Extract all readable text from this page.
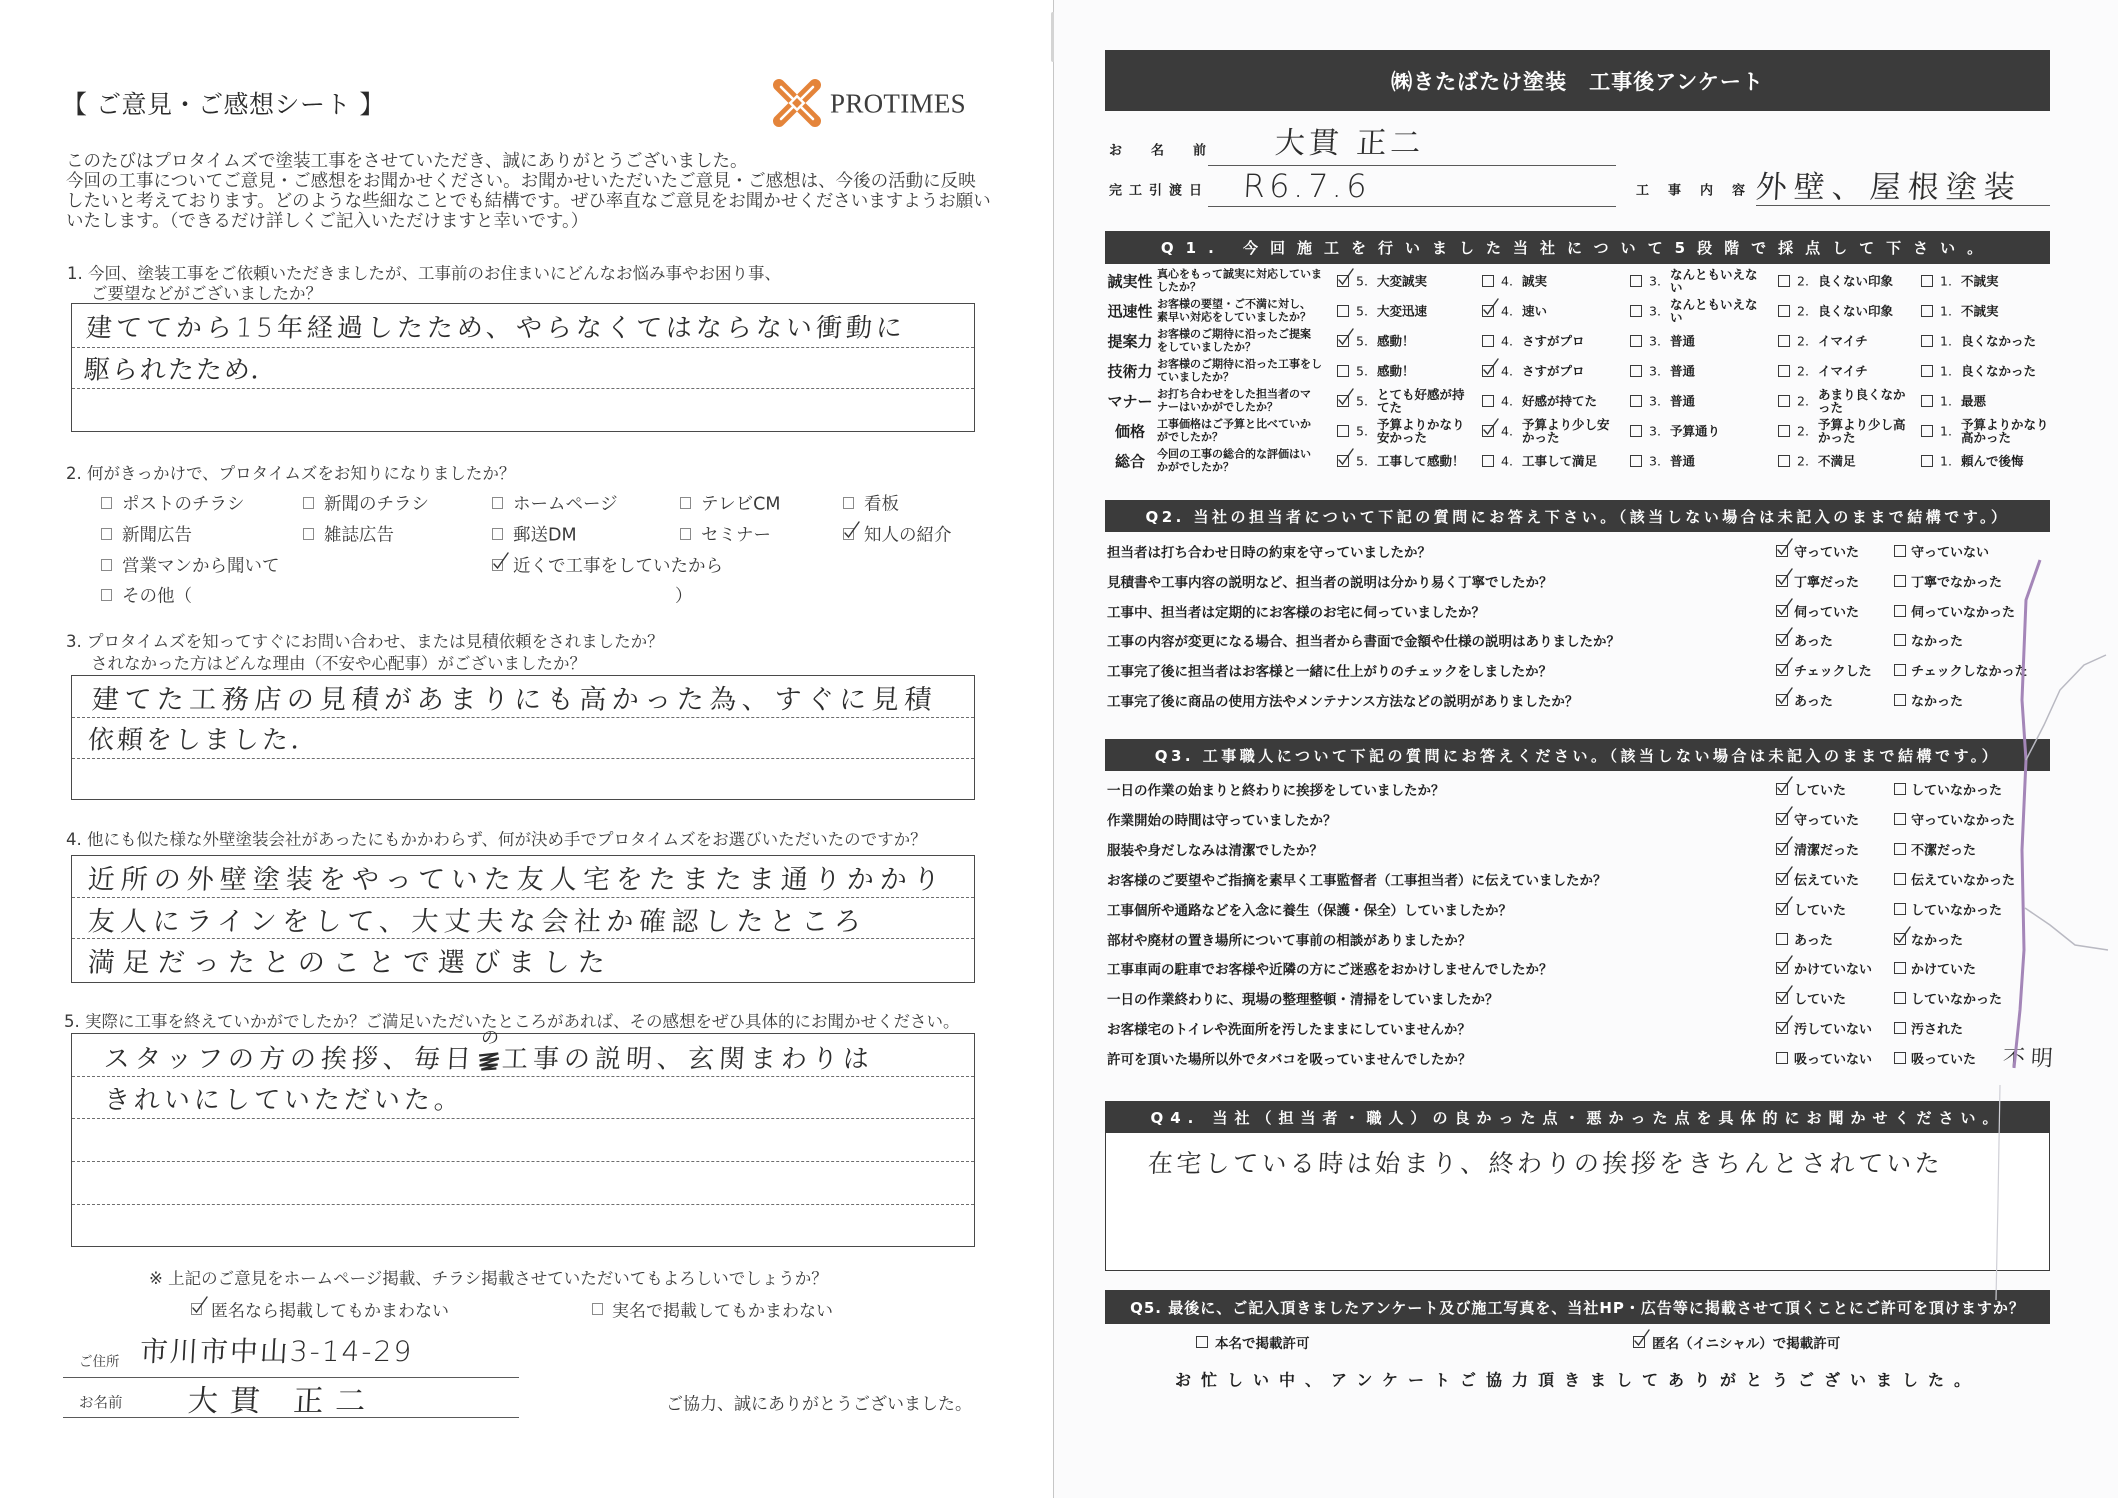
【 ご意見・ご感想シート 】	PROTIMES
このたびはプロタイムズで塗装工事をさせていただき、誠にありがとうございました。
今回の工事についてご意見・ご感想をお聞かせください。お聞かせいただいたご意見・ご感想は、今後の活動に反映
したいと考えております。どのような些細なことでも結構です。ぜひ率直なご意見をお聞かせくださいますようお願い
いたします。（できるだけ詳しくご記入いただけますと幸いです。）
1. 今回、塗装工事をご依頼いただきましたが、工事前のお住まいにどんなお悩み事やお困り事、
ご要望などがございましたか？
建ててから15年経過したため、やらなくてはならない衝動に
駆られたため．
2. 何がきっかけで、プロタイムズをお知りになりましたか？
ポストのチラシ	新聞のチラシ	ホームページ	テレビCM	看板
新聞広告	雑誌広告	郵送DM	セミナー	知人の紹介
営業マンから聞いて	近くで工事をしていたから
その他（	）
3. プロタイムズを知ってすぐにお問い合わせ、または見積依頼をされましたか？
されなかった方はどんな理由（不安や心配事）がございましたか？
建てた工務店の見積があまりにも高かった為、すぐに見積
依頼をしました．
4. 他にも似た様な外壁塗装会社があったにもかかわらず、何が決め手でプロタイムズをお選びいただいたのですか？
近所の外壁塗装をやっていた友人宅をたまたま通りかかり
友人にラインをして、大丈夫な会社か確認したところ
満足だったとのことで選びました
5. 実際に工事を終えていかがでしたか？ご満足いただいたところがあれば、その感想をぜひ具体的にお聞かせください。
スタッフの方の挨拶、毎日
の
工事の説明、玄関まわりは
きれいにしていただいた。
※ 上記のご意見をホームページ掲載、チラシ掲載させていただいてもよろしいでしょうか？
匿名なら掲載してもかまわない	実名で掲載してもかまわない
ご住所 市川市中山3-14-29
お名前 大貫 正二	ご協力、誠にありがとうございました。
㈱きたばたけ塗装　工事後アンケート
お名前 大貫 正二
完工引渡日 R6.7.6	工事内容
外壁、屋根塗装
Q1. 今回施工を行いました当社について5段階で採点して下さい。
誠実性 真心をもって誠実に対応していま
したか？	5. 大変誠実	4. 誠実	3. なんともいえない	2. 良くない印象	1. 不誠実
迅速性 お客様の要望・ご不満に対し、
素早い対応をしていましたか？	5. 大変迅速	4. 速い	3. なんともいえない	2. 良くない印象	1. 不誠実
提案力 お客様のご期待に沿ったご提案
をしていましたか？	5. 感動！	4. さすがプロ	3. 普通	2. イマイチ	1. 良くなかった
技術力 お客様のご期待に沿った工事をし
ていましたか？	5. 感動！	4. さすがプロ	3. 普通	2. イマイチ	1. 良くなかった
マナー お打ち合わせをした担当者のマ
ナーはいかがでしたか？	5. とても好感が持てた	4. 好感が持てた	3. 普通	2. あまり良くなかった	1. 最悪
価格	工事価格はご予算と比べていか
がでしたか？	5. 予算よりかなり安かった	4. 予算より少し安かった	3. 予算通り	2. 予算より少し高かった	1. 予算よりかなり高かった
総合	今回の工事の総合的な評価はい
かがでしたか？	5. 工事して感動！	4. 工事して満足	3. 普通	2. 不満足	1. 頼んで後悔
Q2. 当社の担当者について下記の質問にお答え下さい。（該当しない場合は未記入のままで結構です。）
担当者は打ち合わせ日時の約束を守っていましたか？	守っていた	守っていない
見積書や工事内容の説明など、担当者の説明は分かり易く丁寧でしたか？	丁寧だった	丁寧でなかった
工事中、担当者は定期的にお客様のお宅に伺っていましたか？	伺っていた	伺っていなかった
工事の内容が変更になる場合、担当者から書面で金額や仕様の説明はありましたか？	あった	なかった
工事完了後に担当者はお客様と一緒に仕上がりのチェックをしましたか？	チェックした	チェックしなかった
工事完了後に商品の使用方法やメンテナンス方法などの説明がありましたか？	あった	なかった
Q3. 工事職人について下記の質問にお答えください。（該当しない場合は未記入のままで結構です。）
一日の作業の始まりと終わりに挨拶をしていましたか？	していた	していなかった
作業開始の時間は守っていましたか？	守っていた	守っていなかった
服装や身だしなみは清潔でしたか？	清潔だった	不潔だった
お客様のご要望やご指摘を素早く工事監督者（工事担当者）に伝えていましたか？	伝えていた	伝えていなかった
工事個所や通路などを入念に養生（保護・保全）していましたか？	していた	していなかった
部材や廃材の置き場所について事前の相談がありましたか？	あった	なかった
工事車両の駐車でお客様や近隣の方にご迷惑をおかけしませんでしたか？	かけていない	かけていた
一日の作業終わりに、現場の整理整頓・清掃をしていましたか？	していた	していなかった
お客様宅のトイレや洗面所を汚したままにしていませんか？	汚していない	汚された
許可を頂いた場所以外でタバコを吸っていませんでしたか？	吸っていない	吸っていた 不明
Q4. 当社（担当者・職人）の良かった点・悪かった点を具体的にお聞かせください。
在宅している時は始まり、終わりの挨拶をきちんとされていた
Q5. 最後に、ご記入頂きましたアンケート及び施工写真を、当社HP・広告等に掲載させて頂くことにご許可を頂けますか？
本名で掲載許可	匿名（イニシャル）で掲載許可
お忙しい中、アンケートご協力頂きましてありがとうございました。
